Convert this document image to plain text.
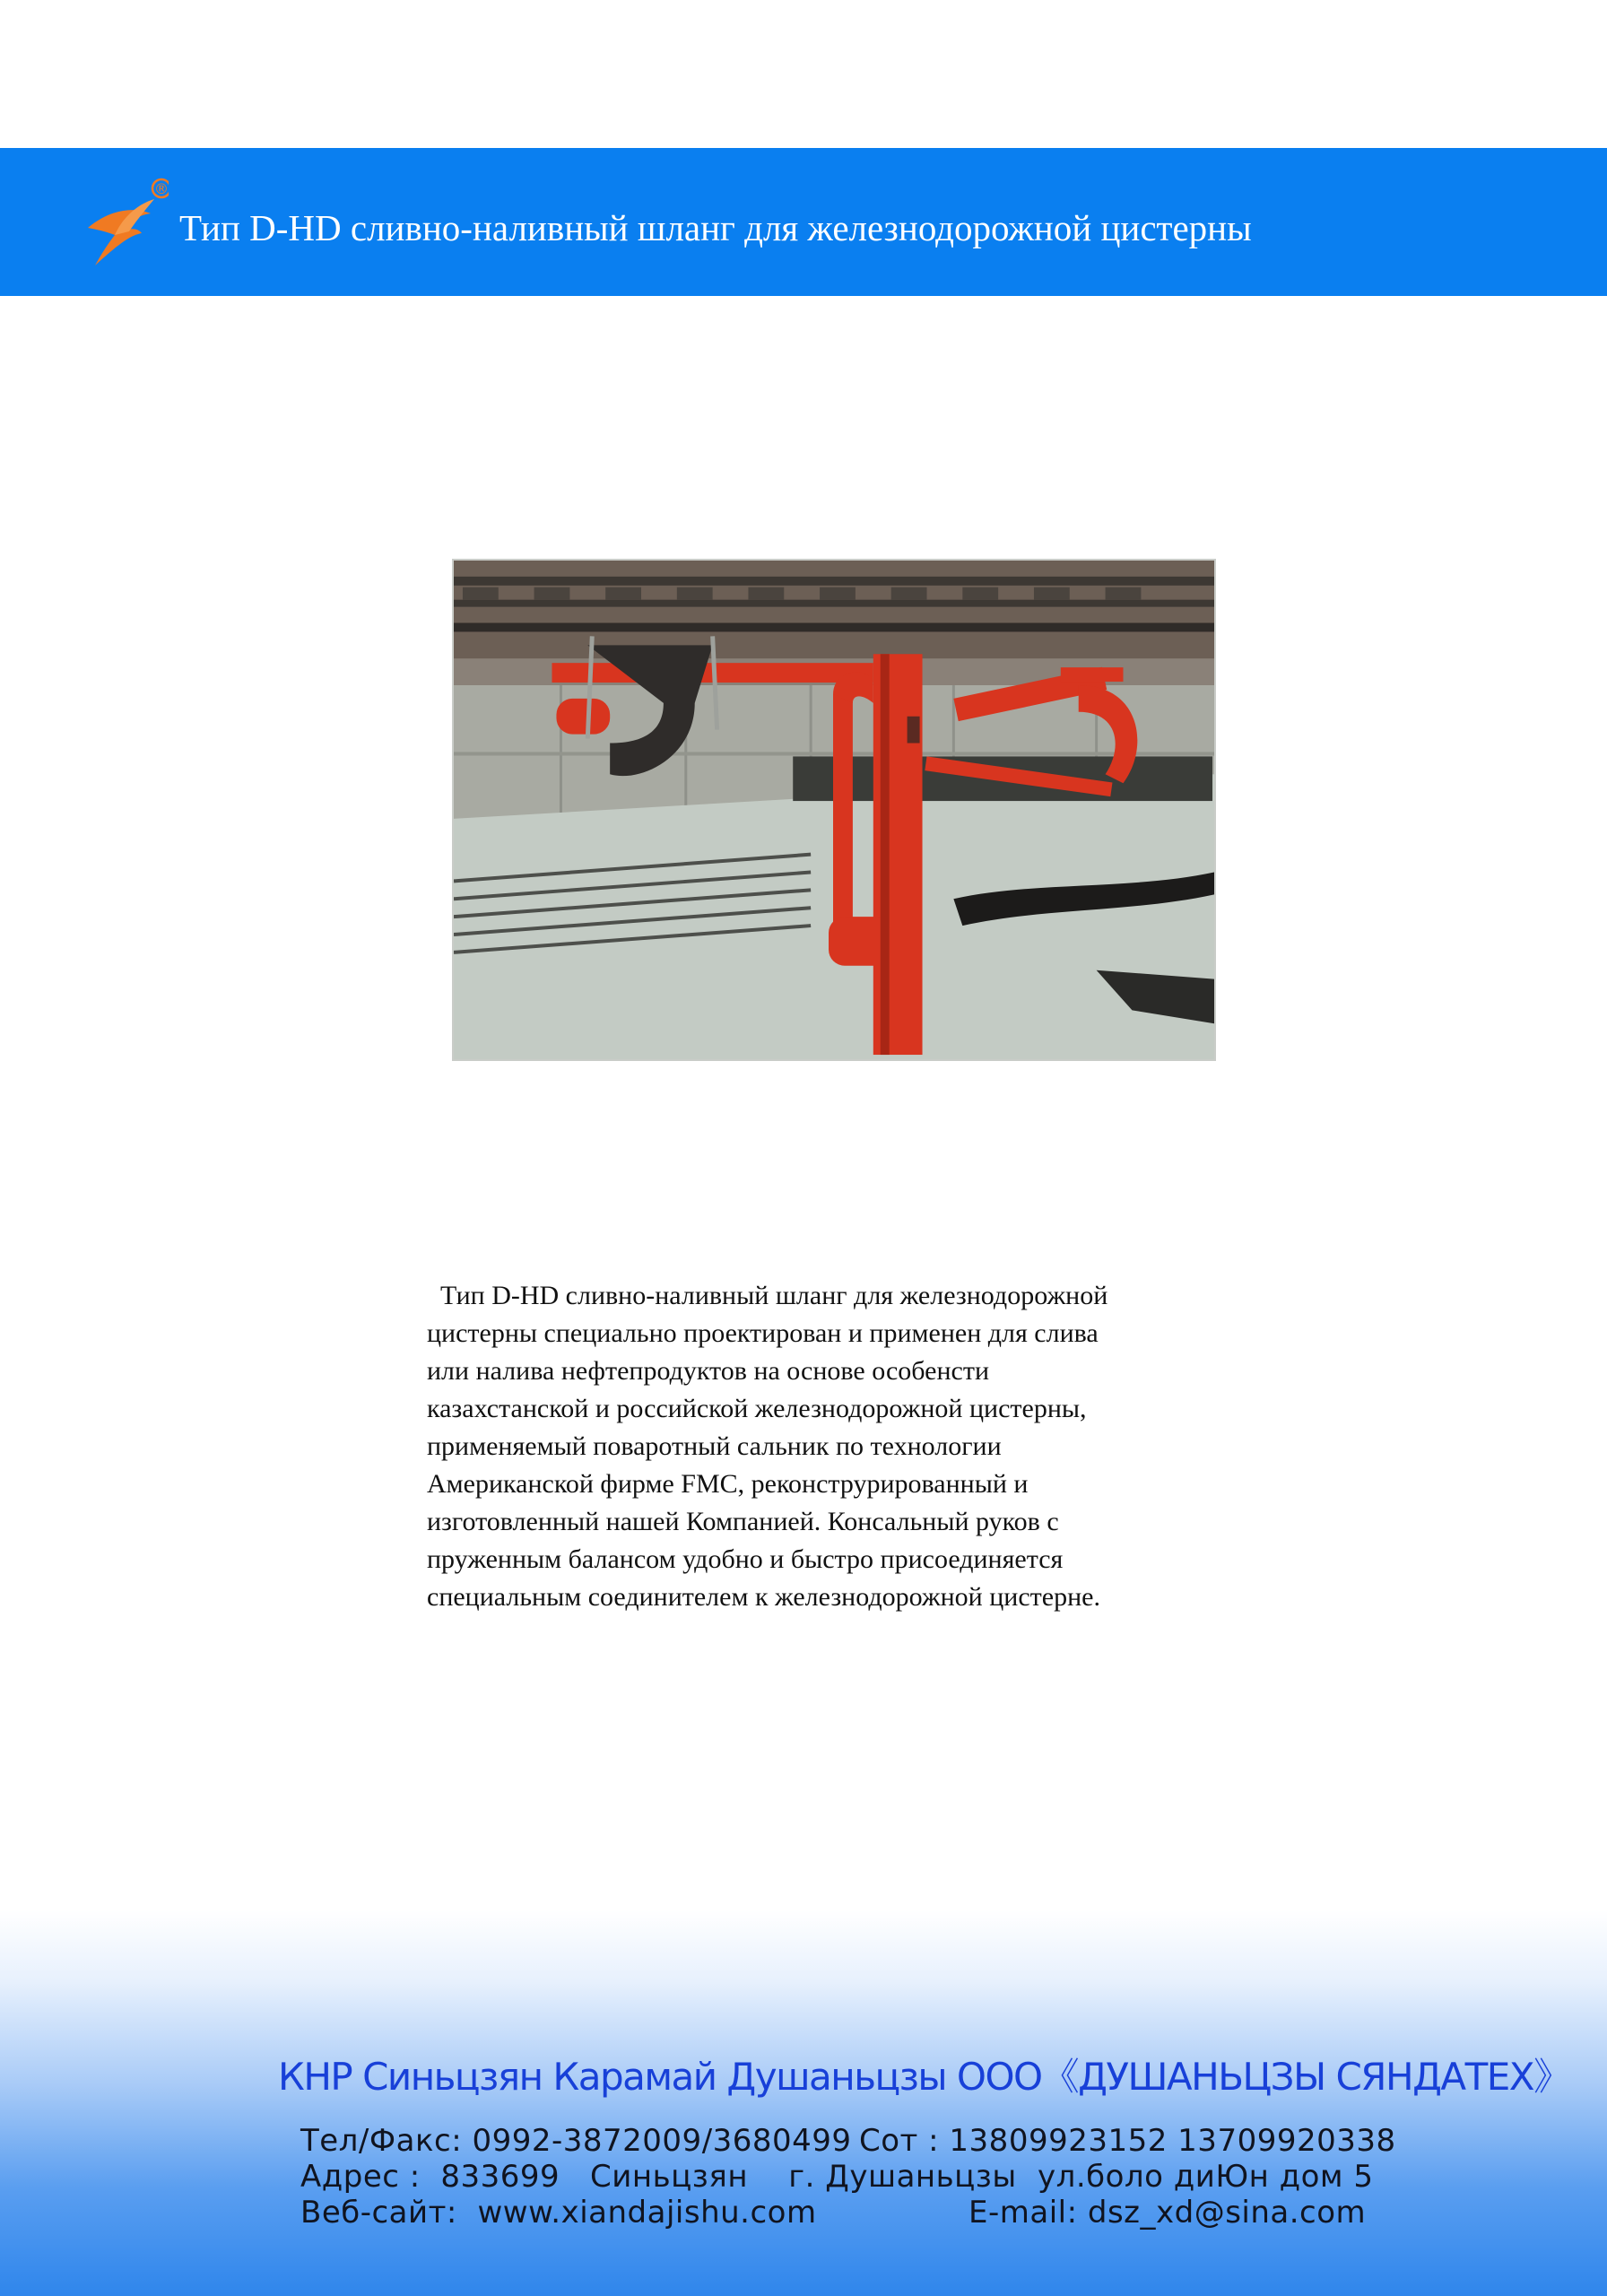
®
Тип D-HD сливно-наливный шланг для железнодорожной цистерны
Тип D-HD сливно-наливный шланг для железнодорожной
цистерны специально проектирован и применен для слива
или налива нефтепродуктов на основе особенсти
казахстанской и российской железнодорожной цистерны,
применяемый поваротный сальник по технологии
Американской фирме FMC, реконструрированный и
изготовленный нашей Компанией. Консальный руков с
пруженным балансом удобно и быстро присоединяется
специальным соединителем к железнодорожной цистерне.
КНР Синьцзян Карамай Душаньцзы ООО《ДУШАНЬЦЗЫ СЯНДАТЕХ》
Тел/Факс: 0992-3872009/3680499 Сот : 13809923152 13709920338
Адрес :  833699   Синьцзян    г. Душаньцзы ул.боло диЮн дом 5
Веб-сайт:  www.xiandajishu.com	E-mail: dsz_xd@sina.com
